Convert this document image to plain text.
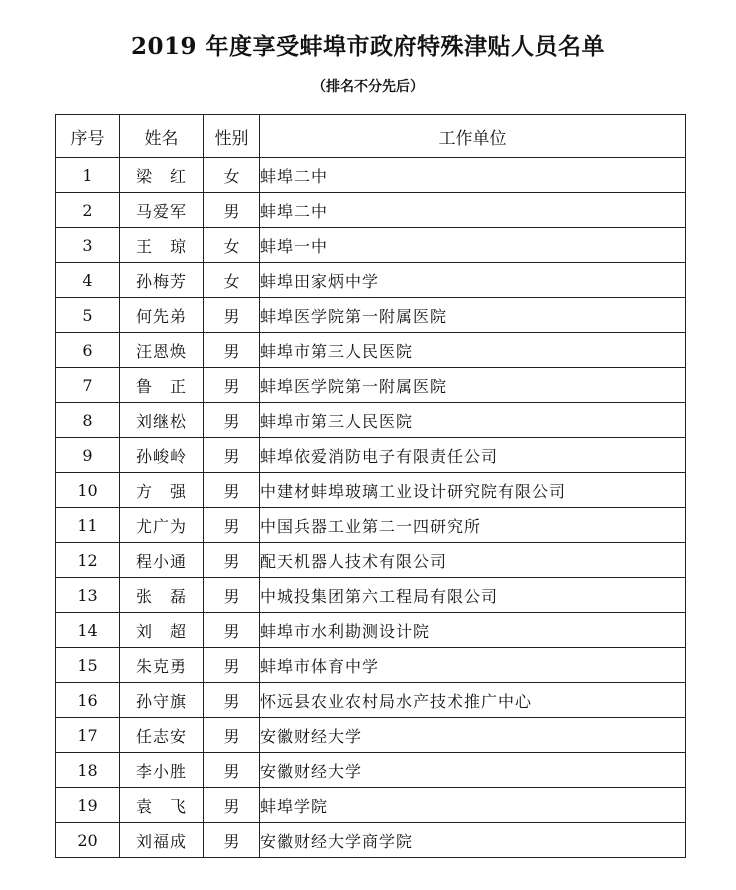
2019 年度享受蚌埠市政府特殊津贴人员名单
（排名不分先后）
序号	姓名	性别	工作单位
1	梁　红	女	蚌埠二中
2	马爱军	男	蚌埠二中
3	王　琼	女	蚌埠一中
4	孙梅芳	女	蚌埠田家炳中学
5	何先弟	男	蚌埠医学院第一附属医院
6	汪恩焕	男	蚌埠市第三人民医院
7	鲁　正	男	蚌埠医学院第一附属医院
8	刘继松	男	蚌埠市第三人民医院
9	孙峻岭	男	蚌埠依爱消防电子有限责任公司
10	方　强	男	中建材蚌埠玻璃工业设计研究院有限公司
11	尤广为	男	中国兵器工业第二一四研究所
12	程小通	男	配天机器人技术有限公司
13	张　磊	男	中城投集团第六工程局有限公司
14	刘　超	男	蚌埠市水利勘测设计院
15	朱克勇	男	蚌埠市体育中学
16	孙守旗	男	怀远县农业农村局水产技术推广中心
17	任志安	男	安徽财经大学
18	李小胜	男	安徽财经大学
19	袁　飞	男	蚌埠学院
20	刘福成	男	安徽财经大学商学院
